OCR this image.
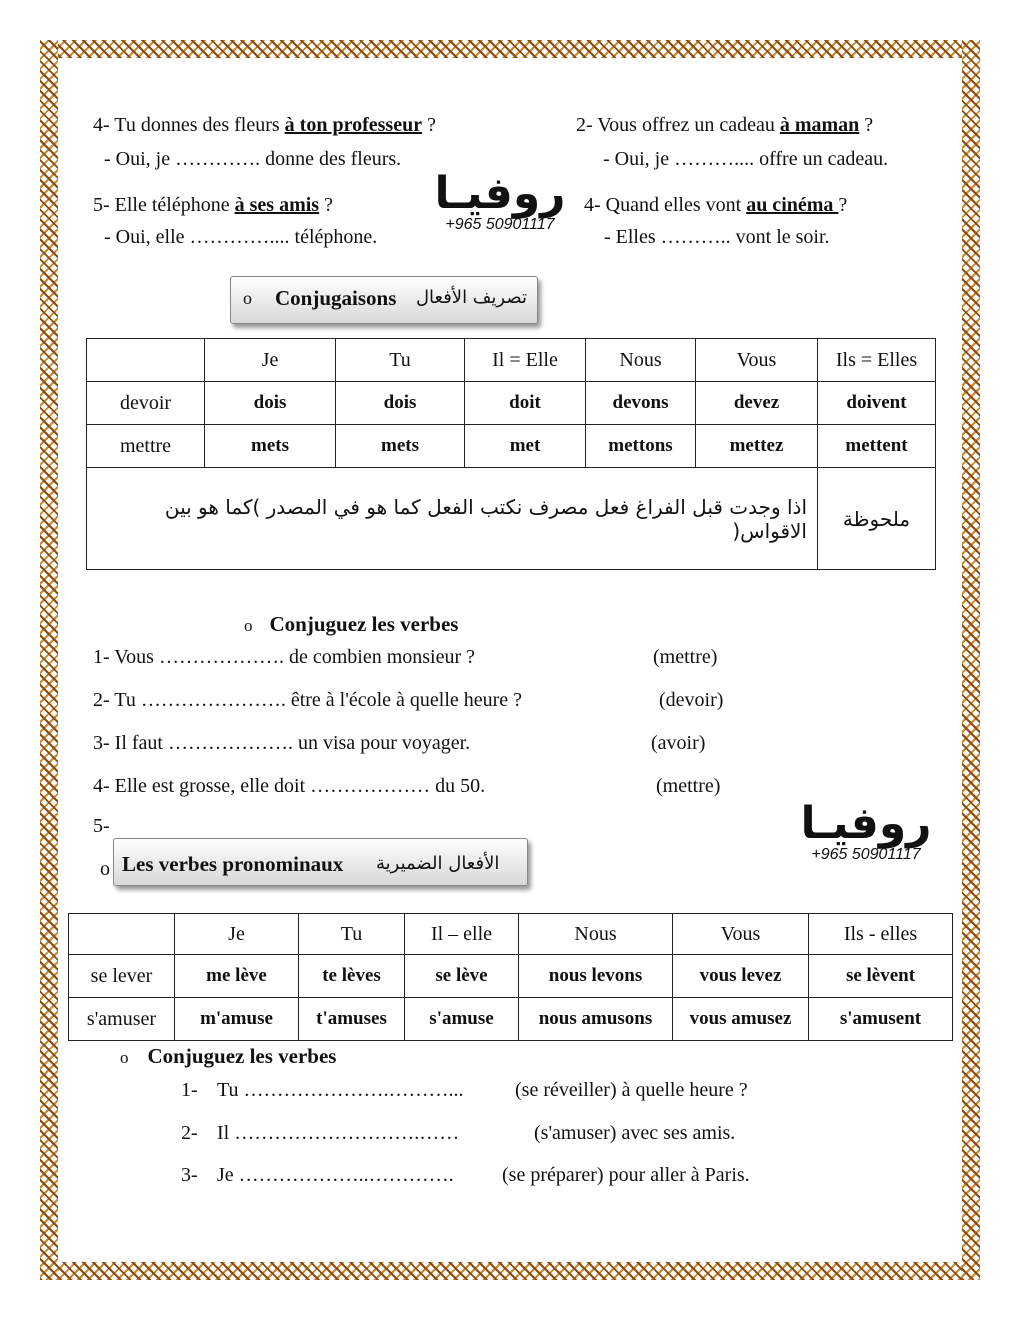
4- Tu donnes des fleurs à ton professeur ?
- Oui, je …………. donne des fleurs.
5- Elle téléphone à ses amis ?
- Oui, elle ………….... téléphone.
2- Vous offrez un cadeau à maman ?
- Oui, je ……….... offre un cadeau.
4- Quand elles vont au cinéma ?
- Elles ……….. vont le soir.
روفيـا
+965 50901117
o Conjugaisons تصريف الأفعال
	Je	Tu	Il = Elle	Nous	Vous	Ils = Elles
devoir	dois	dois	doit	devons	devez	doivent
mettre	mets	mets	met	mettons	mettez	mettent
اذا وجدت قبل الفراغ فعل مصرف نكتب الفعل كما هو في المصدر )كما هو بين الاقواس(						ملحوظة
o Conjuguez les verbes
1- Vous ………………. de combien monsieur ?	(mettre)
2- Tu …………………. être à l'école à quelle heure ?	(devoir)
3- Il faut ………………. un visa pour voyager.	(avoir)
4- Elle est grosse, elle doit ……………… du 50.	(mettre)
5-	روفيـا
+965 50901117
o Les verbes pronominaux الأفعال الضميرية
	Je	Tu	Il – elle	Nous	Vous	Ils - elles
se lever	me lève	te lèves	se lève	nous levons	vous levez	se lèvent
s'amuser	m'amuse	t'amuses	s'amuse	nous amusons	vous amusez	s'amusent
o Conjuguez les verbes
1- Tu ………………….………...	(se réveiller) à quelle heure ?
2- Il ……………………….……	(s'amuser) avec ses amis.
3- Je ………………..…………. (se préparer) pour aller à Paris.
